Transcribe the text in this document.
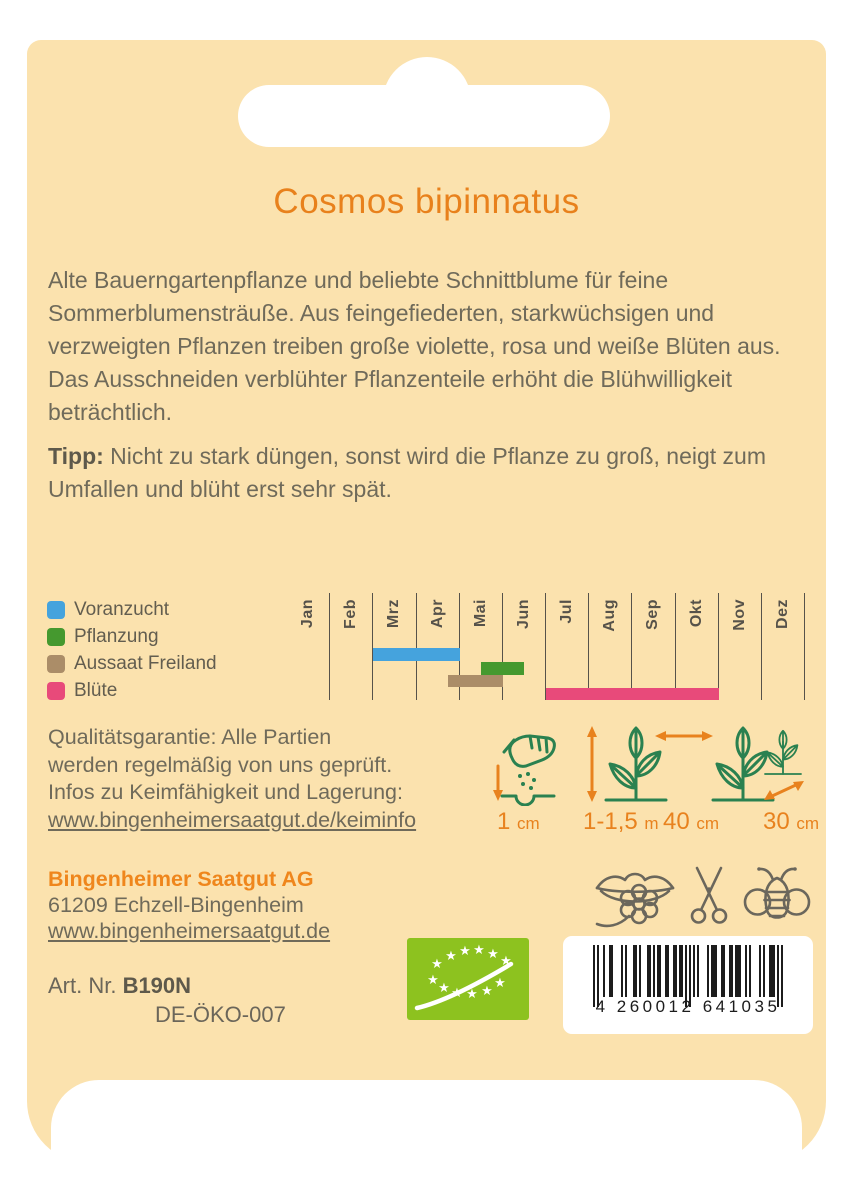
Cosmos bipinnatus
Alte Bauerngartenpflanze und beliebte Schnittblume für feine Sommerblumensträuße. Aus feingefiederten, starkwüchsigen und verzweigten Pflanzen treiben große violette, rosa und weiße Blüten aus. Das Ausschneiden verblühter Pflanzenteile erhöht die Blühwilligkeit beträchtlich.
Tipp: Nicht zu stark düngen, sonst wird die Pflanze zu groß, neigt zum Umfallen und blüht erst sehr spät.
Voranzucht
Pflanzung
Aussaat Freiland
Blüte
Jan Feb Mrz Apr Mai Jun Jul Aug Sep Okt Nov Dez
Qualitätsgarantie: Alle Partien
werden regelmäßig von uns geprüft.
Infos zu Keimfähigkeit und Lagerung:
www.bingenheimersaatgut.de/keiminfo	1 cm 1-1,5 m 40 cm 30 cm
Bingenheimer Saatgut AG
61209 Echzell-Bingenheim
www.bingenheimersaatgut.de
★
★ ★ ★ ★ ★
★
★ ★ ★ ★
★
4 260012 641035
Art. Nr. B190N
DE-ÖKO-007
